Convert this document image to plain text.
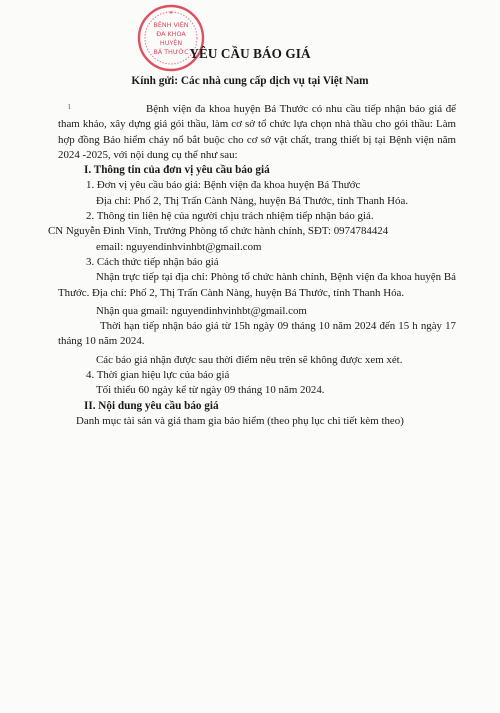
BỆNH VIỆN
ĐA KHOA
HUYỆN
BÁ THƯỚC
★
YÊU CẦU BÁO GIÁ
Kính gửi: Các nhà cung cấp dịch vụ tại Việt Nam
ι	Bệnh viện đa khoa huyện Bá Thước có nhu cầu tiếp nhận báo giá để tham khảo, xây dựng giá gói thầu, làm cơ sở tổ chức lựa chọn nhà thầu cho gói thầu: Làm hợp đồng Bảo hiểm cháy nổ bắt buộc cho cơ sở vật chất, trang thiết bị tại Bệnh viện năm 2024 -2025, với nội dung cụ thể như sau:

I. Thông tin của đơn vị yêu cầu báo giá

1. Đơn vị yêu cầu báo giá: Bệnh viện đa khoa huyện Bá Thước

Địa chỉ: Phố 2, Thị Trấn Cành Nàng, huyện Bá Thước, tỉnh Thanh Hóa.

2. Thông tin liên hệ của người chịu trách nhiệm tiếp nhận báo giá.

CN Nguyễn Đình Vinh, Trưởng Phòng tổ chức hành chính, SĐT: 0974784424

email: nguyendinhvinhbt@gmail.com

3. Cách thức tiếp nhận báo giá

Nhận trực tiếp tại địa chỉ: Phòng tổ chức hành chính, Bệnh viện đa khoa huyện Bá Thước. Địa chỉ: Phố 2, Thị Trấn Cành Nàng, huyện Bá Thước, tỉnh Thanh Hóa.

Nhận qua gmail: nguyendinhvinhbt@gmail.com

Thời hạn tiếp nhận báo giá từ 15h ngày 09 tháng 10 năm 2024 đến 15 h ngày 17 tháng 10 năm 2024.

Các báo giá nhận được sau thời điểm nêu trên sẽ không được xem xét.

4. Thời gian hiệu lực của báo giá

Tối thiểu 60 ngày kể từ ngày 09 tháng 10 năm 2024.

II. Nội dung yêu cầu báo giá

Danh mục tài sản và giá tham gia bảo hiểm (theo phụ lục chi tiết kèm theo)
